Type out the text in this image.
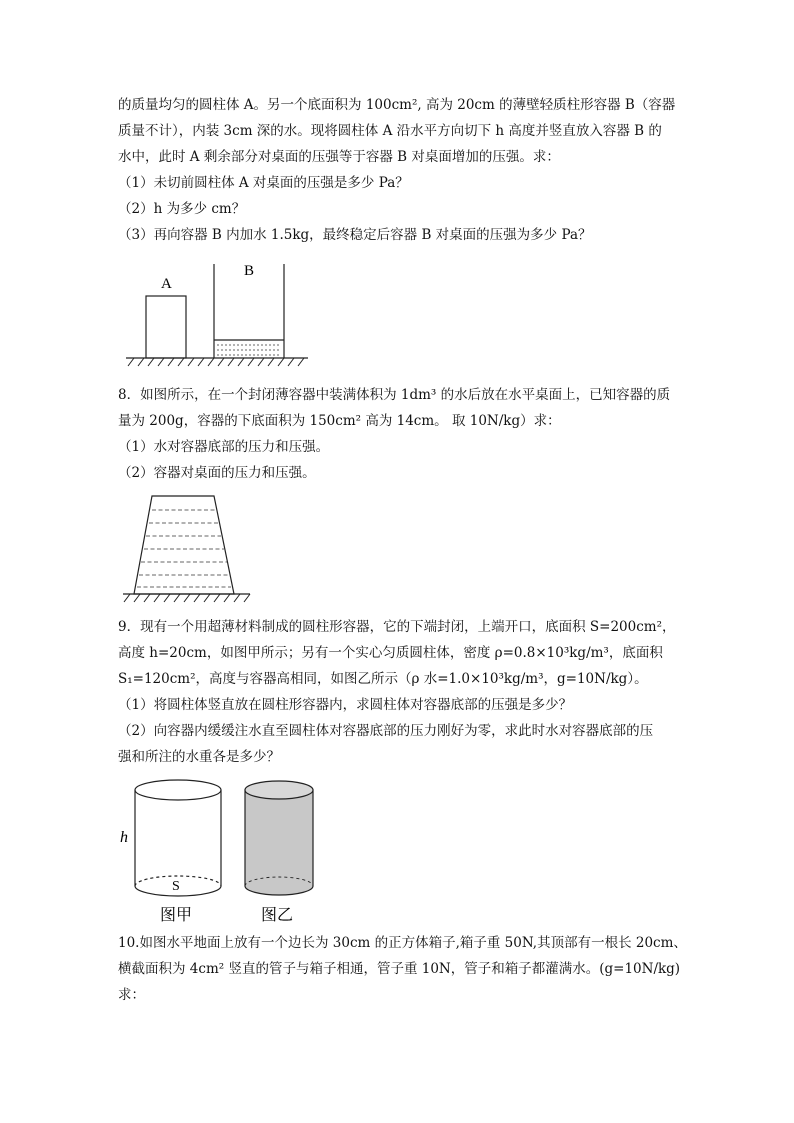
的质量均匀的圆柱体 A。另一个底面积为 100cm², 高为 20cm 的薄壁轻质柱形容器 B（容器
质量不计），内装 3cm 深的水。现将圆柱体 A 沿水平方向切下 h 高度并竖直放入容器 B 的
水中，此时 A 剩余部分对桌面的压强等于容器 B 对桌面增加的压强。求：
（1）未切前圆柱体 A 对桌面的压强是多少 Pa？
（2）h 为多少 cm？
（3）再向容器 B 内加水 1.5kg，最终稳定后容器 B 对桌面的压强为多少 Pa？
A
B
8．如图所示，在一个封闭薄容器中装满体积为 1dm³ 的水后放在水平桌面上，已知容器的质
量为 200g，容器的下底面积为 150cm² 高为 14cm。 取 10N/kg）求：
（1）水对容器底部的压力和压强。
（2）容器对桌面的压力和压强。
9．现有一个用超薄材料制成的圆柱形容器，它的下端封闭，上端开口，底面积 S=200cm²，
高度 h=20cm，如图甲所示；另有一个实心匀质圆柱体，密度 ρ=0.8×10³kg/m³，底面积
S₁=120cm²，高度与容器高相同，如图乙所示（ρ 水=1.0×10³kg/m³，g=10N/kg）。
（1）将圆柱体竖直放在圆柱形容器内，求圆柱体对容器底部的压强是多少？
（2）向容器内缓缓注水直至圆柱体对容器底部的压力刚好为零，求此时水对容器底部的压
强和所注的水重各是多少？
h
S
图甲	图乙
10.如图水平地面上放有一个边长为 30cm 的正方体箱子,箱子重 50N,其顶部有一根长 20cm、
横截面积为 4cm² 竖直的管子与箱子相通，管子重 10N，管子和箱子都灌满水。(g=10N/kg)
求：
